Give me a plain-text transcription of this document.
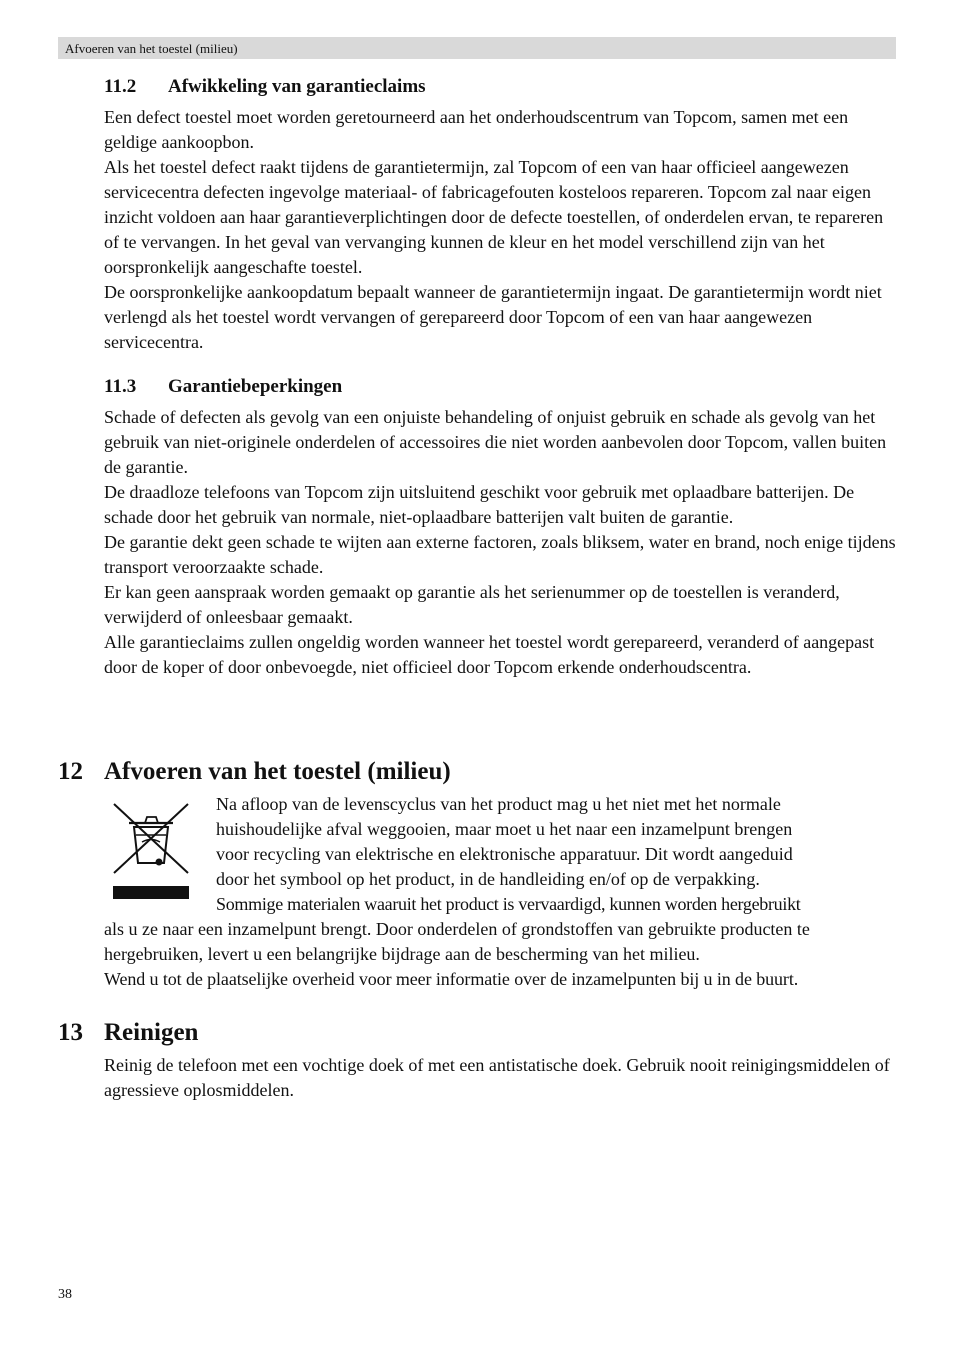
Afvoeren van het toestel (milieu)
11.2 Afwikkeling van garantieclaims

Een defect toestel moet worden geretourneerd aan het onderhoudscentrum van Topcom, samen met een geldige aankoopbon.

Als het toestel defect raakt tijdens de garantietermijn, zal Topcom of een van haar officieel aangewezen servicecentra defecten ingevolge materiaal- of fabricagefouten kosteloos repareren. Topcom zal naar eigen inzicht voldoen aan haar garantieverplichtingen door de defecte toestellen, of onderdelen ervan, te repareren of te vervangen. In het geval van vervanging kunnen de kleur en het model verschillend zijn van het oorspronkelijk aangeschafte toestel.

De oorspronkelijke aankoopdatum bepaalt wanneer de garantietermijn ingaat. De garantietermijn wordt niet verlengd als het toestel wordt vervangen of gerepareerd door Topcom of een van haar aangewezen servicecentra.

11.3 Garantiebeperkingen

Schade of defecten als gevolg van een onjuiste behandeling of onjuist gebruik en schade als gevolg van het gebruik van niet-originele onderdelen of accessoires die niet worden aanbevolen door Topcom, vallen buiten de garantie.

De draadloze telefoons van Topcom zijn uitsluitend geschikt voor gebruik met oplaadbare batterijen. De schade door het gebruik van normale, niet-oplaadbare batterijen valt buiten de garantie.

De garantie dekt geen schade te wijten aan externe factoren, zoals bliksem, water en brand, noch enige tijdens transport veroorzaakte schade.

Er kan geen aanspraak worden gemaakt op garantie als het serienummer op de toestellen is veranderd, verwijderd of onleesbaar gemaakt.

Alle garantieclaims zullen ongeldig worden wanneer het toestel wordt gerepareerd, veranderd of aangepast door de koper of door onbevoegde, niet officieel door Topcom erkende onderhoudscentra.

12 Afvoeren van het toestel (milieu)

Na afloop van de levenscyclus van het product mag u het niet met het normale

huishoudelijke afval weggooien, maar moet u het naar een inzamelpunt brengen

voor recycling van elektrische en elektronische apparatuur. Dit wordt aangeduid

door het symbool op het product, in de handleiding en/of op de verpakking.

Sommige materialen waaruit het product is vervaardigd, kunnen worden hergebruikt

als u ze naar een inzamelpunt brengt. Door onderdelen of grondstoffen van gebruikte producten te hergebruiken, levert u een belangrijke bijdrage aan de bescherming van het milieu.

Wend u tot de plaatselijke overheid voor meer informatie over de inzamelpunten bij u in de buurt.

13 Reinigen

Reinig de telefoon met een vochtige doek of met een antistatische doek. Gebruik nooit reinigingsmiddelen of agressieve oplosmiddelen.

38
